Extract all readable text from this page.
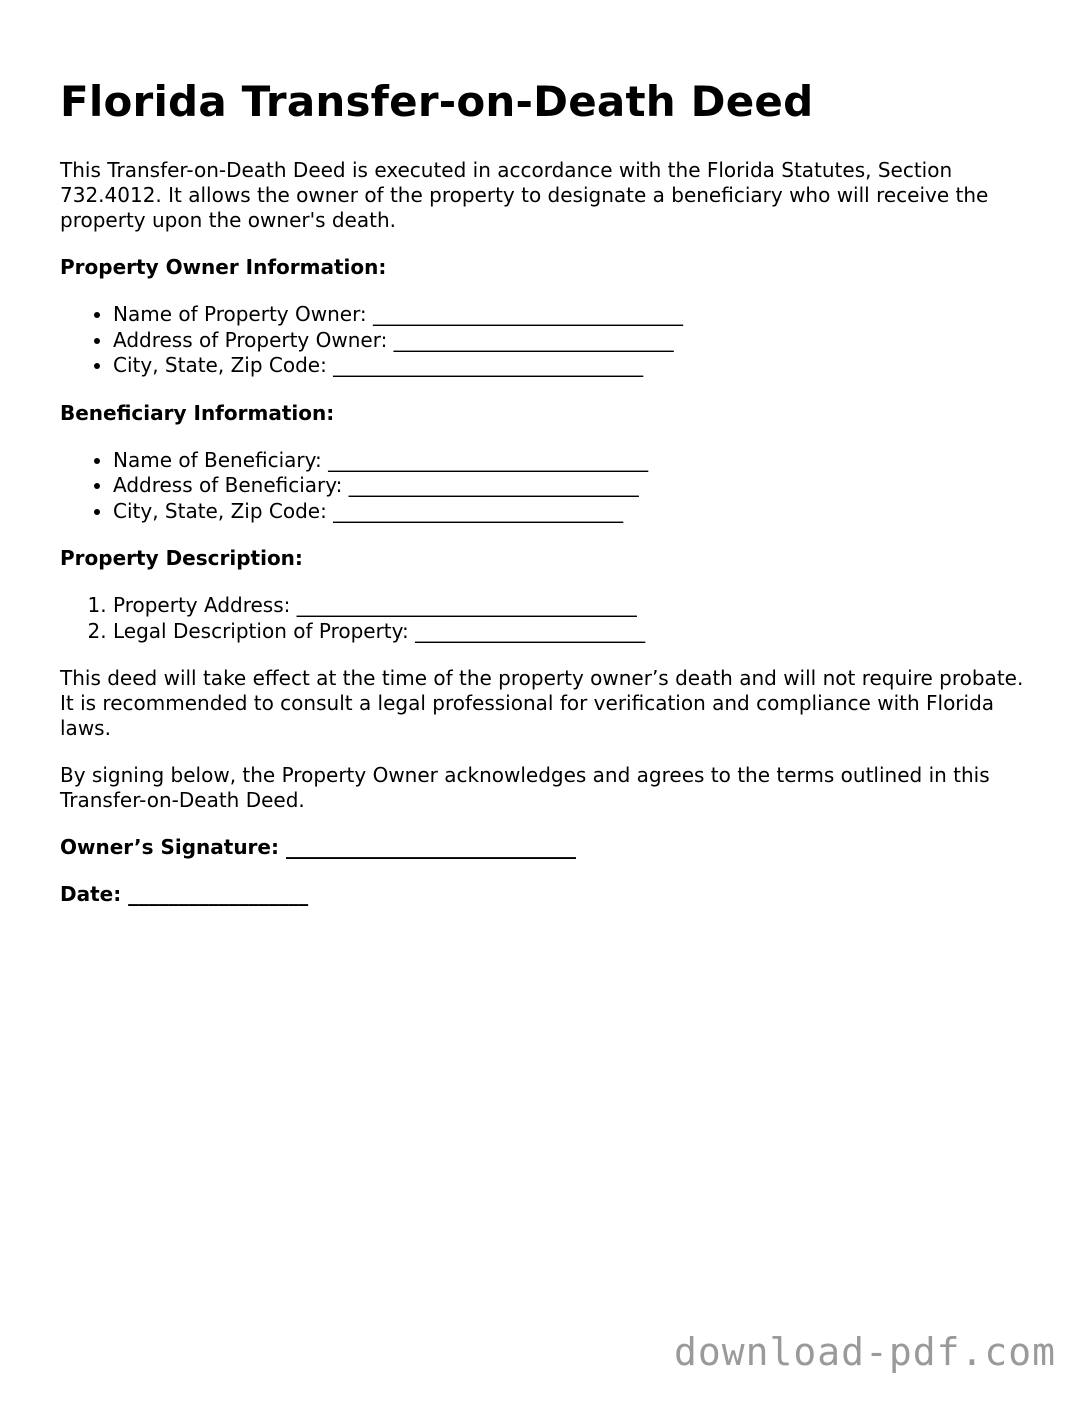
Florida Transfer-on-Death Deed

This Transfer-on-Death Deed is executed in accordance with the Florida Statutes, Section 732.4012. It allows the owner of the property to designate a beneficiary who will receive the property upon the owner's death.

Property Owner Information:
• Name of Property Owner: _______________________________
• Address of Property Owner: ____________________________
• City, State, Zip Code: _______________________________
Beneficiary Information:
• Name of Beneficiary: ________________________________
• Address of Beneficiary: _____________________________
• City, State, Zip Code: _____________________________
Property Description:
1. Property Address: __________________________________
2. Legal Description of Property: _______________________

This deed will take effect at the time of the property owner’s death and will not require probate. It is recommended to consult a legal professional for verification and compliance with Florida laws.

By signing below, the Property Owner acknowledges and agrees to the terms outlined in this Transfer-on-Death Deed.

Owner’s Signature: _____________________________
Date: __________________
download-pdf.com
